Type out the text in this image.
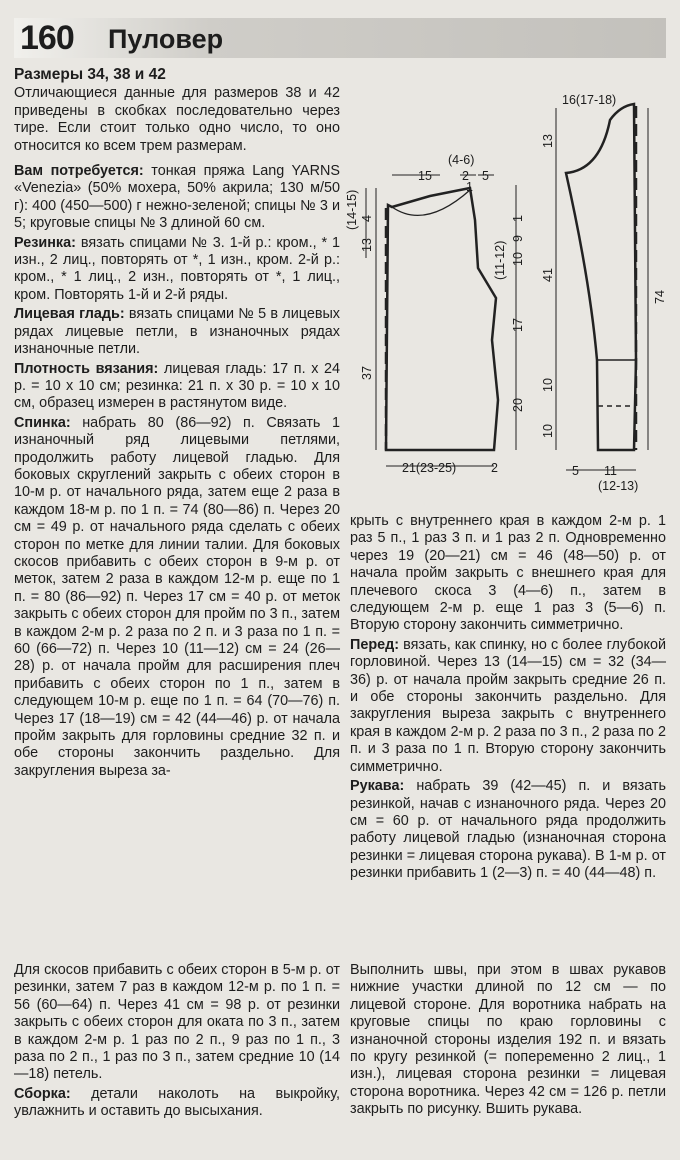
160 Пуловер

Размеры 34, 38 и 42

Отличающиеся данные для размеров 38 и 42 приведены в скобках последовательно через тире. Если стоит только одно число, то оно относится ко всем трем размерам.

Вам потребуется: тонкая пряжа Lang YARNS «Venezia» (50% мохера, 50% акрила; 130 м/50 г): 400 (450—500) г нежно-зеленой; спицы № 3 и 5; круговые спицы № 3 длиной 60 см.

Резинка: вязать спицами № 3. 1-й р.: кром., * 1 изн., 2 лиц., повторять от *, 1 изн., кром. 2-й р.: кром., * 1 лиц., 2 изн., повторять от *, 1 лиц., кром. Повторять 1-й и 2-й ряды.

Лицевая гладь: вязать спицами № 5 в лицевых рядах лицевые петли, в изнаночных рядах изнаночные петли.

Плотность вязания: лицевая гладь: 17 п. x 24 р. = 10 x 10 см; резинка: 21 п. x 30 р. = 10 x 10 см, образец измерен в растянутом виде.

Спинка: набрать 80 (86—92) п. Связать 1 изнаночный ряд лицевыми петлями, продолжить работу лицевой гладью. Для боковых скруглений закрыть с обеих сторон в 10-м р. от начального ряда, затем еще 2 раза в каждом 18-м р. по 1 п. = 74 (80—86) п. Через 20 см = 49 р. от начального ряда сделать с обеих сторон по метке для линии талии. Для боковых скосов прибавить с обеих сторон в 9-м р. от меток, затем 2 раза в каждом 12-м р. еще по 1 п. = 80 (86—92) п. Через 17 см = 40 р. от меток закрыть с обеих сторон для пройм по 3 п., затем в каждом 2-м р. 2 раза по 2 п. и 3 раза по 1 п. = 60 (66—72) п. Через 10 (11—12) см = 24 (26—28) р. от начала пройм для расширения плеч прибавить с обеих сторон по 1 п., затем в следующем 10-м р. еще по 1 п. = 64 (70—76) п. Через 17 (18—19) см = 42 (44—46) р. от начала пройм закрыть для горловины средние 32 п. и обе стороны закончить раздельно. Для закругления выреза за-

крыть с внутреннего края в каждом 2-м р. 1 раз 5 п., 1 раз 3 п. и 1 раз 2 п. Одновременно через 19 (20—21) см = 46 (48—50) р. от начала пройм закрыть с внешнего края для плечевого скоса 3 (4—6) п., затем в следующем 2-м р. еще 1 раз 3 (5—6) п. Вторую сторону закончить симметрично.

Перед: вязать, как спинку, но с более глубокой горловиной. Через 13 (14—15) см = 32 (34—36) р. от начала пройм закрыть средние 26 п. и обе стороны закончить раздельно. Для закругления выреза закрыть с внутреннего края в каждом 2-м р. 2 раза по 3 п., 2 раза по 2 п. и 3 раза по 1 п. Вторую сторону закончить симметрично.

Рукава: набрать 39 (42—45) п. и вязать резинкой, начав с изнаночного ряда. Через 20 см = 60 р. от начального ряда продолжить работу лицевой гладью (изнаночная сторона резинки = лицевая сторона рукава). В 1-м р. от резинки прибавить 1 (2—3) п. = 40 (44—48) п.

Для скосов прибавить с обеих сторон в 5-м р. от резинки, затем 7 раз в каждом 12-м р. по 1 п. = 56 (60—64) п. Через 41 см = 98 р. от резинки закрыть с обеих сторон для оката по 3 п., затем в каждом 2-м р. 1 раз по 2 п., 9 раз по 1 п., 3 раза по 2 п., 1 раз по 3 п., затем средние 10 (14—18) петель.

Сборка: детали наколоть на выкройку, увлажнить и оставить до высыхания.

Выполнить швы, при этом в швах рукавов нижние участки длиной по 12 см — по лицевой стороне. Для воротника набрать на круговые спицы по краю горловины с изнаночной стороны изделия 192 п. и вязать по кругу резинкой (= попеременно 2 лиц., 1 изн.), лицевая сторона резинки = лицевая сторона воротника. Через 42 см = 126 р. петли закрыть по рисунку. Вшить рукава.

15 2 5
(4-6)
1
(14-15)
13
4
37
17
10
9
1
20
(11-12)
21(23-25)	2
16(17-18)
13
41
10
10
74
5 11
(12-13)
